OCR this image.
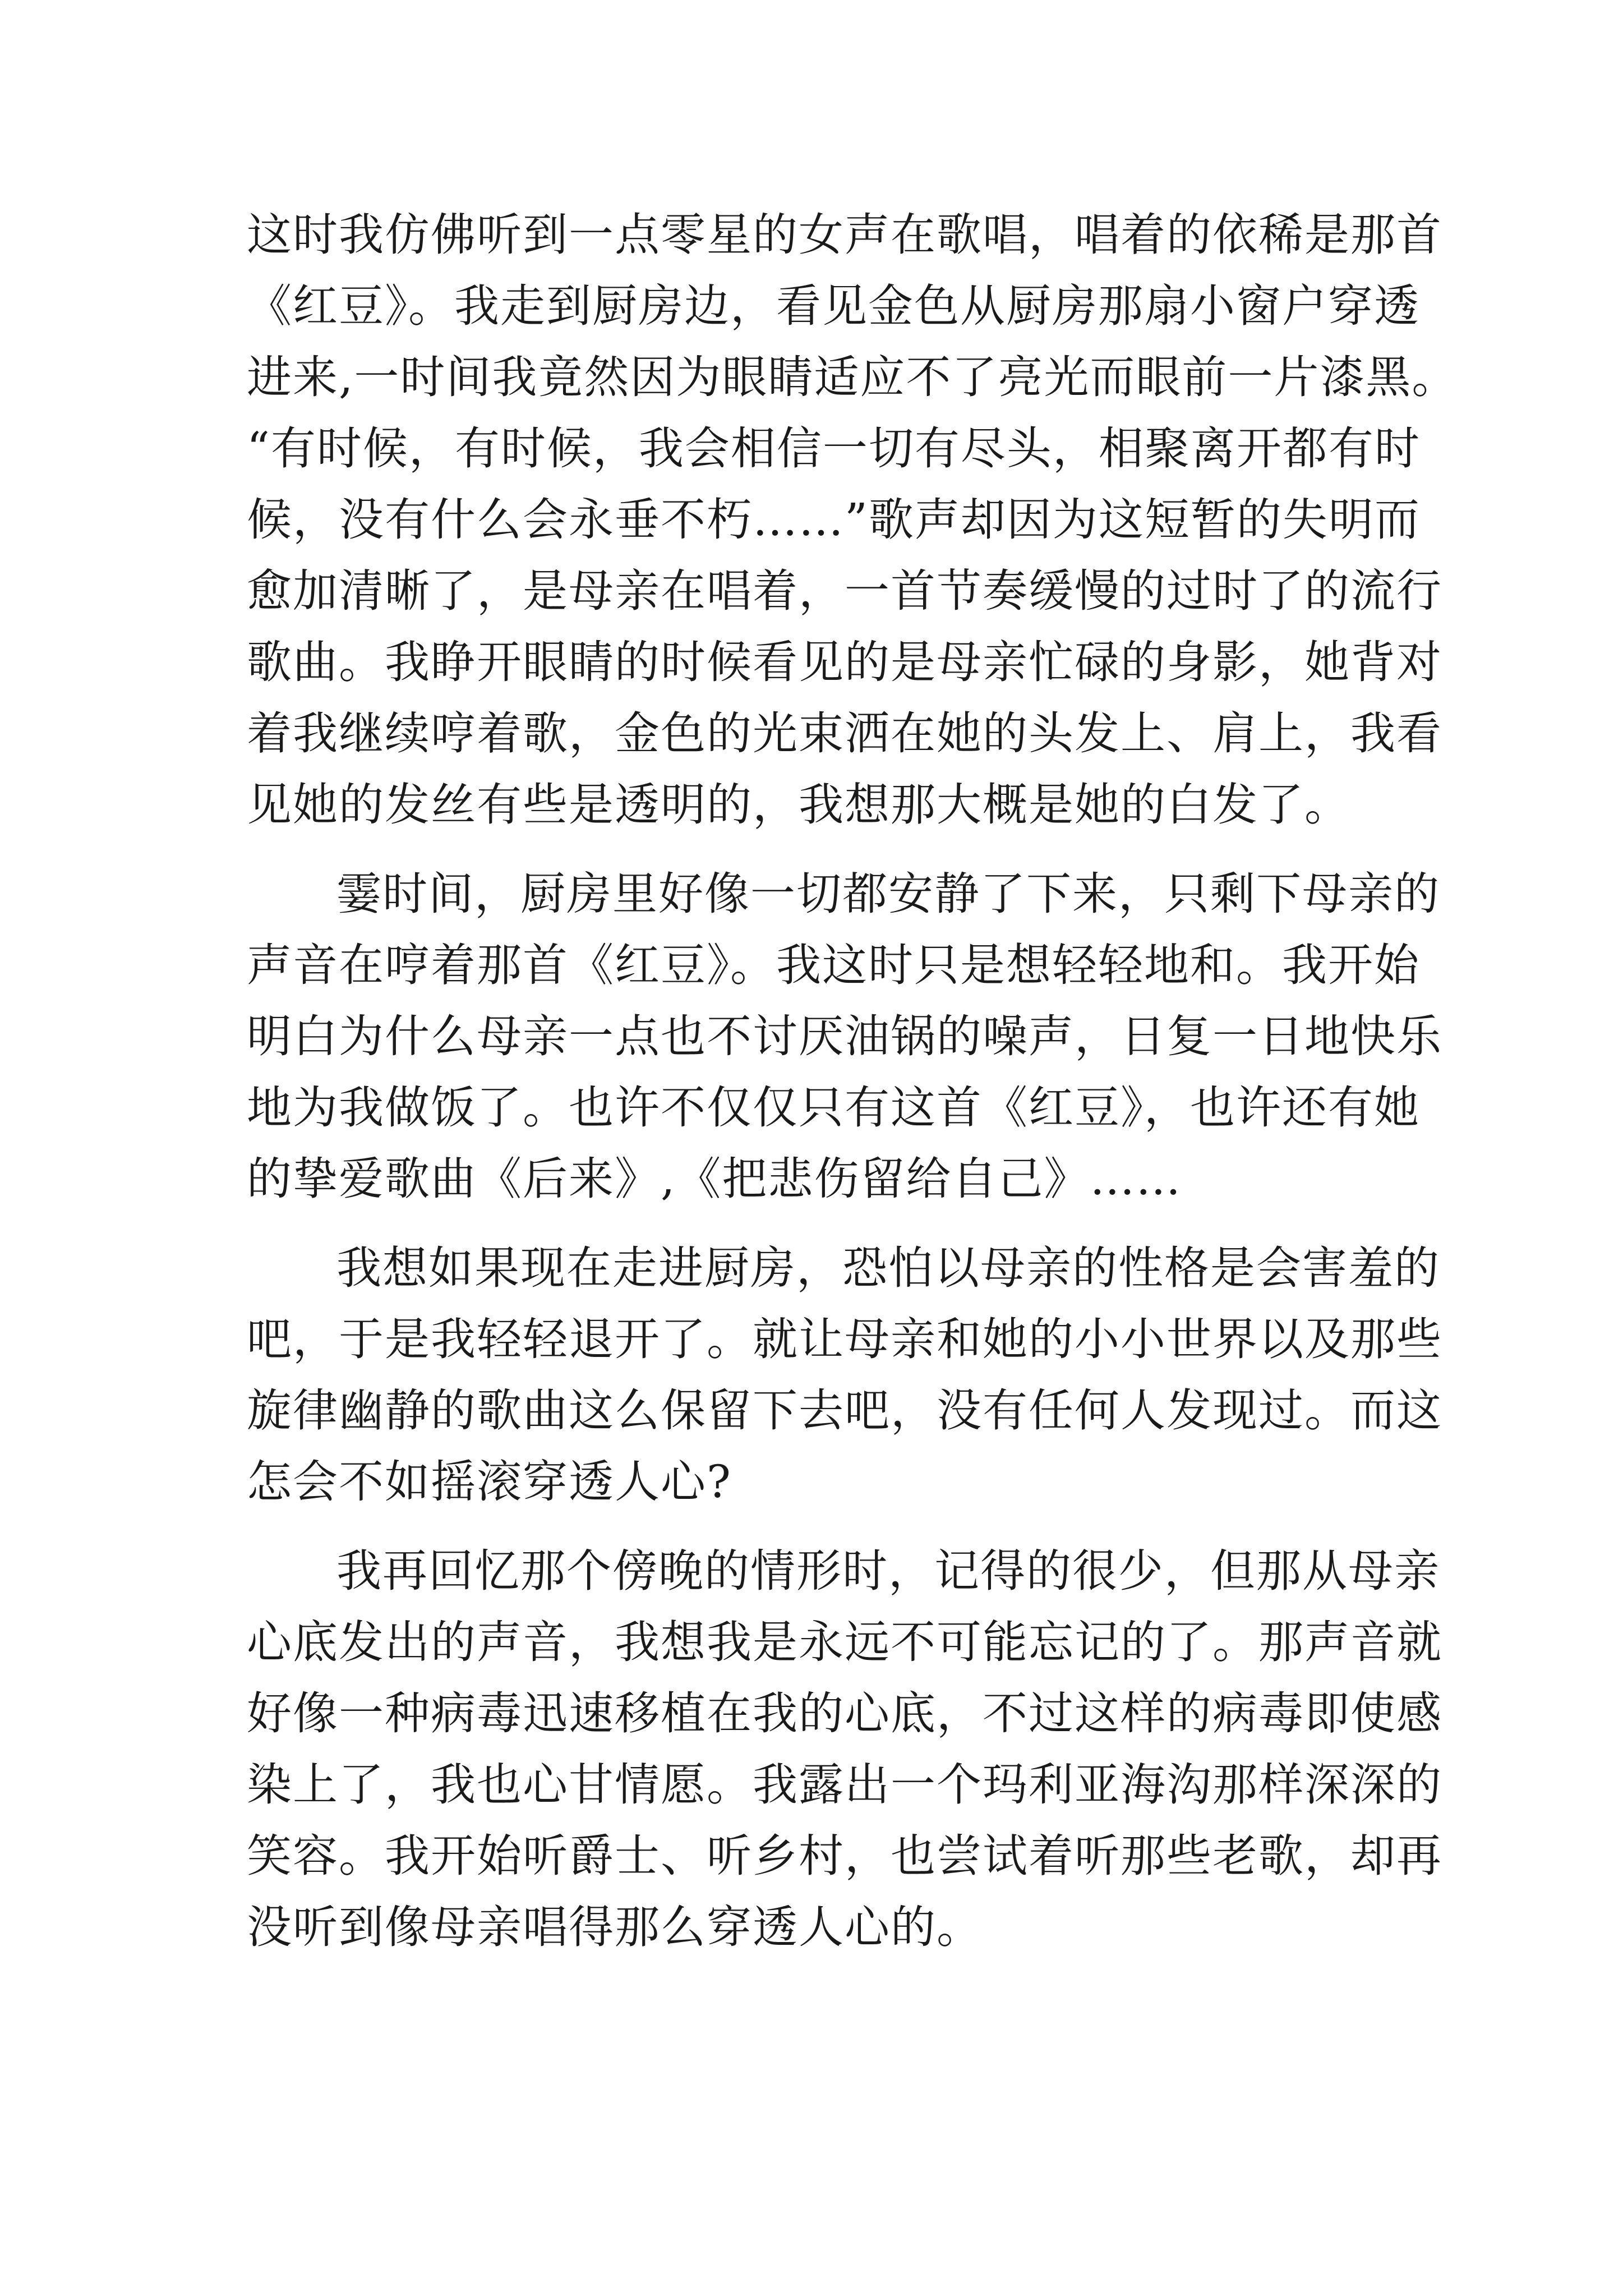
这时我仿佛听到一点零星的女声在歌唱，唱着的依稀是那首
《红豆》。我走到厨房边，看见金色从厨房那扇小窗户穿透
进来,一时间我竟然因为眼睛适应不了亮光而眼前一片漆黑。
“有时候，有时候，我会相信一切有尽头，相聚离开都有时
候，没有什么会永垂不朽……”歌声却因为这短暂的失明而
愈加清晰了，是母亲在唱着，一首节奏缓慢的过时了的流行
歌曲。我睁开眼睛的时候看见的是母亲忙碌的身影，她背对
着我继续哼着歌，金色的光束洒在她的头发上、肩上，我看
见她的发丝有些是透明的，我想那大概是她的白发了。

霎时间，厨房里好像一切都安静了下来，只剩下母亲的
声音在哼着那首《红豆》。我这时只是想轻轻地和。我开始
明白为什么母亲一点也不讨厌油锅的噪声，日复一日地快乐
地为我做饭了。也许不仅仅只有这首《红豆》，也许还有她
的挚爱歌曲《后来》,《把悲伤留给自己》……

我想如果现在走进厨房，恐怕以母亲的性格是会害羞的
吧，于是我轻轻退开了。就让母亲和她的小小世界以及那些
旋律幽静的歌曲这么保留下去吧，没有任何人发现过。而这
怎会不如摇滚穿透人心?

我再回忆那个傍晚的情形时，记得的很少，但那从母亲
心底发出的声音，我想我是永远不可能忘记的了。那声音就
好像一种病毒迅速移植在我的心底，不过这样的病毒即使感
染上了，我也心甘情愿。我露出一个玛利亚海沟那样深深的
笑容。我开始听爵士、听乡村，也尝试着听那些老歌，却再
没听到像母亲唱得那么穿透人心的。
